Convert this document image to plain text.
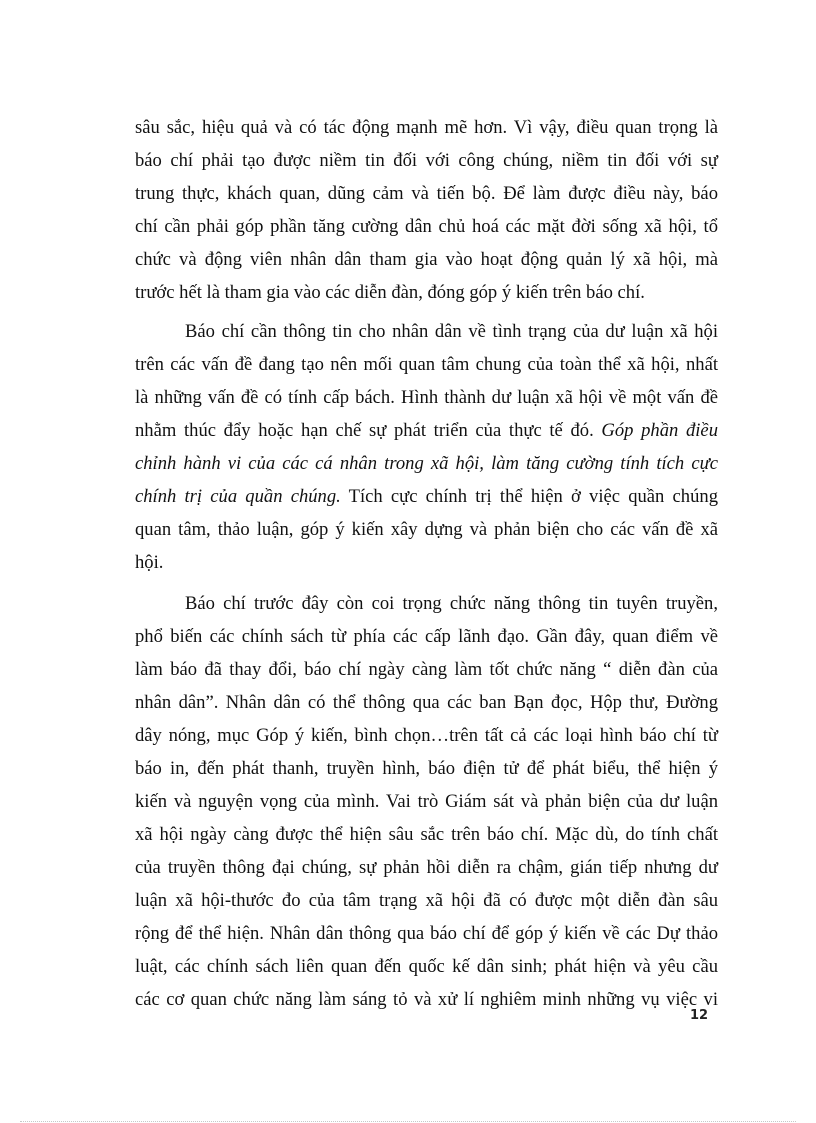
sâu sắc, hiệu quả và có tác động mạnh mẽ hơn. Vì vậy, điều quan trọng là
báo chí phải tạo được niềm tin đối với công chúng, niềm tin đối với sự
trung thực, khách quan, dũng cảm và tiến bộ. Để làm được điều này, báo
chí cần phải góp phần tăng cường dân chủ hoá các mặt đời sống xã hội, tổ
chức và động viên nhân dân tham gia vào hoạt động quản lý xã hội, mà
trước hết là tham gia vào các diễn đàn, đóng góp ý kiến trên báo chí.
Báo chí cần thông tin cho nhân dân về tình trạng của dư luận xã hội
trên các vấn đề đang tạo nên mối quan tâm chung của toàn thể xã hội, nhất
là những vấn đề có tính cấp bách. Hình thành dư luận xã hội về một vấn đề
nhằm thúc đẩy hoặc hạn chế sự phát triển của thực tế đó. Góp phần điều
chỉnh hành vi của các cá nhân trong xã hội, làm tăng cường tính tích cực
chính trị của quần chúng. Tích cực chính trị thể hiện ở việc quần chúng
quan tâm, thảo luận, góp ý kiến xây dựng và phản biện cho các vấn đề xã
hội.
Báo chí trước đây còn coi trọng chức năng thông tin tuyên truyền,
phổ biến các chính sách từ phía các cấp lãnh đạo. Gần đây, quan điểm về
làm báo đã thay đổi, báo chí ngày càng làm tốt chức năng “ diễn đàn của
nhân dân”. Nhân dân có thể thông qua các ban Bạn đọc, Hộp thư, Đường
dây nóng, mục Góp ý kiến, bình chọn…trên tất cả các loại hình báo chí từ
báo in, đến phát thanh, truyền hình, báo điện tử để phát biểu, thể hiện ý
kiến và nguyện vọng của mình. Vai trò Giám sát và phản biện của dư luận
xã hội ngày càng được thể hiện sâu sắc trên báo chí. Mặc dù, do tính chất
của truyền thông đại chúng, sự phản hồi diễn ra chậm, gián tiếp nhưng dư
luận xã hội-thước đo của tâm trạng xã hội đã có được một diễn đàn sâu
rộng để thể hiện. Nhân dân thông qua báo chí để góp ý kiến về các Dự thảo
luật, các chính sách liên quan đến quốc kế dân sinh; phát hiện và yêu cầu
các cơ quan chức năng làm sáng tỏ và xử lí nghiêm minh những vụ việc vi
12
